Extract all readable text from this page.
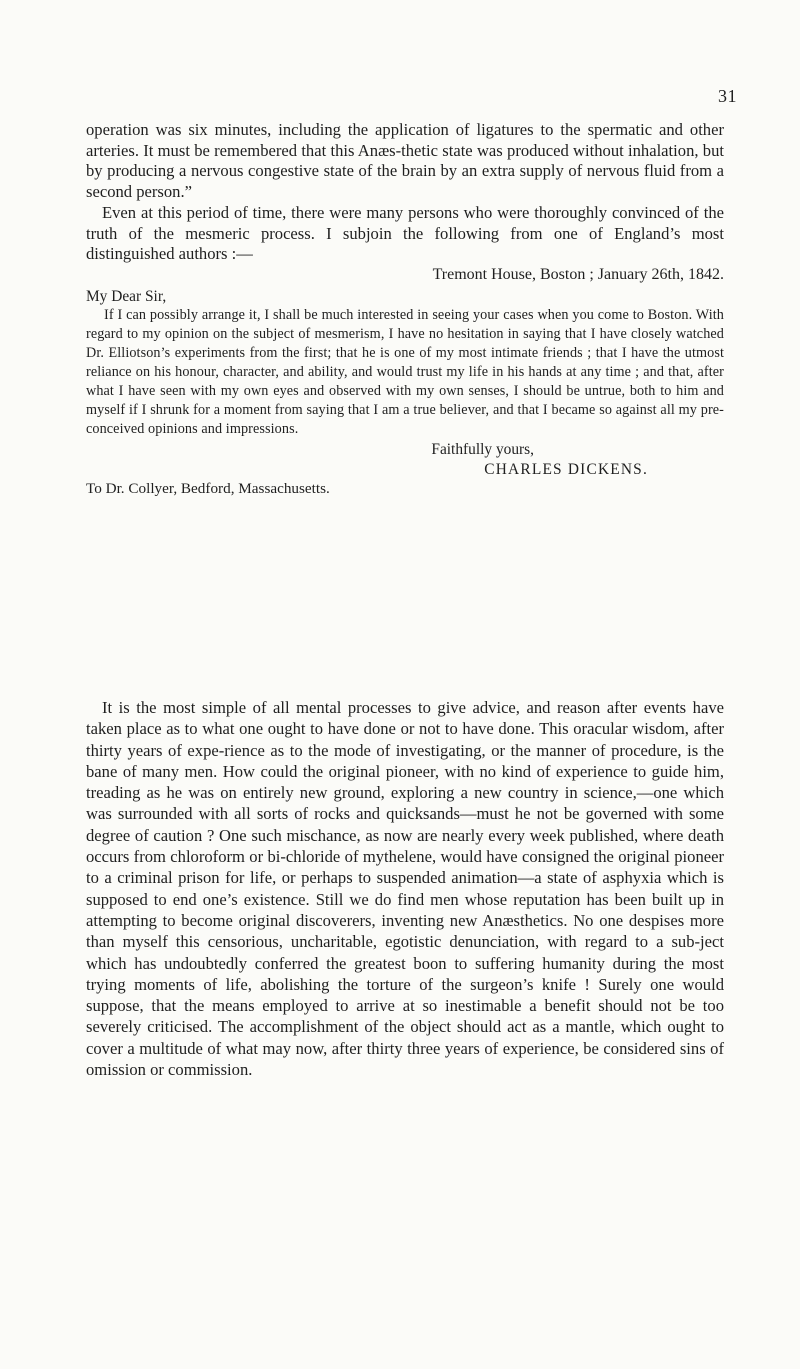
31

operation was six minutes, including the application of ligatures to the spermatic and other arteries. It must be remembered that this Anæs-thetic state was produced without inhalation, but by producing a nervous congestive state of the brain by an extra supply of nervous fluid from a second person.”

Even at this period of time, there were many persons who were thoroughly convinced of the truth of the mesmeric process. I subjoin the following from one of England’s most distinguished authors :—

Tremont House, Boston ; January 26th, 1842.

My Dear Sir,

If I can possibly arrange it, I shall be much interested in seeing your cases when you come to Boston. With regard to my opinion on the subject of mesmerism, I have no hesitation in saying that I have closely watched Dr. Elliotson’s experiments from the first; that he is one of my most intimate friends ; that I have the utmost reliance on his honour, character, and ability, and would trust my life in his hands at any time ; and that, after what I have seen with my own eyes and observed with my own senses, I should be untrue, both to him and myself if I shrunk for a moment from saying that I am a true believer, and that I became so against all my pre-conceived opinions and impressions.

Faithfully yours,

CHARLES DICKENS.

To Dr. Collyer, Bedford, Massachusetts.

It is the most simple of all mental processes to give advice, and reason after events have taken place as to what one ought to have done or not to have done. This oracular wisdom, after thirty years of expe-rience as to the mode of investigating, or the manner of procedure, is the bane of many men. How could the original pioneer, with no kind of experience to guide him, treading as he was on entirely new ground, exploring a new country in science,—one which was surrounded with all sorts of rocks and quicksands—must he not be governed with some degree of caution ? One such mischance, as now are nearly every week published, where death occurs from chloroform or bi-chloride of mythelene, would have consigned the original pioneer to a criminal prison for life, or perhaps to suspended animation—a state of asphyxia which is supposed to end one’s existence. Still we do find men whose reputation has been built up in attempting to become original discoverers, inventing new Anæsthetics. No one despises more than myself this censorious, uncharitable, egotistic denunciation, with regard to a sub-ject which has undoubtedly conferred the greatest boon to suffering humanity during the most trying moments of life, abolishing the torture of the surgeon’s knife ! Surely one would suppose, that the means employed to arrive at so inestimable a benefit should not be too severely criticised. The accomplishment of the object should act as a mantle, which ought to cover a multitude of what may now, after thirty three years of experience, be considered sins of omission or commission.
